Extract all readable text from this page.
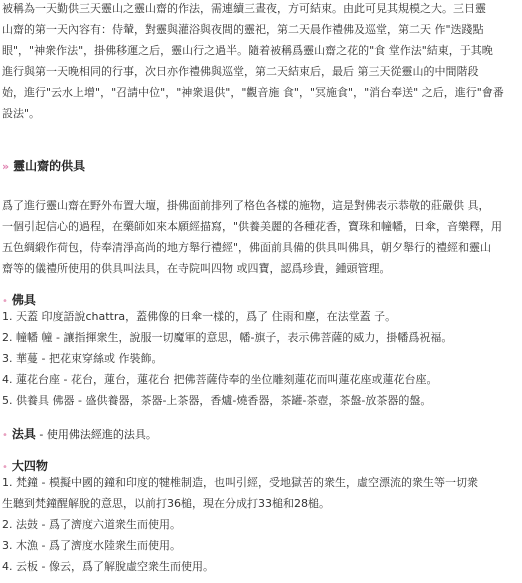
被稱為一天勤供三天靈山之靈山齋的作法，需連續三晝夜，方可結束。由此可見其規模之大。三日靈
山齋的第一天內容有：侍輦，對靈與灌浴與夜間的靈祀，第二天晨作禮佛及巡堂，第二天 作"迭踐點
眼"，"神衆作法"，掛佛移運之后，靈山行之過半。隨着被稱爲靈山齋之花的"食 堂作法"結東，于其晚
進行與第一天晚相同的行事，次日亦作禮佛與巡堂，第二天結束后，最后 第三天從靈山的中間階段
始，進行"云水上增"，"召請中位"，"神衆退供"，"觀音施 食"，"冥施食"，"消台奉送" 之后，進行"會番
設法"。
» 靈山齋的供具
爲了進行靈山齋在野外布置大壇，掛佛面前排列了格色各樣的施物，這是對佛表示恭敬的莊嚴供 具，
一個引起信心的過程，在藥師如來本願經描寫，"供養美麗的各種花香，寶珠和幢幡，日傘，音樂釋，用
五色綢緞作荷包，侍奉清淨高尚的地方舉行禮經"，佛面前具備的供具叫佛具，朝夕舉行的禮經和靈山
齋等的儀禮所使用的供具叫法具，在寺院叫四物 或四寶，認爲珍貴，鍾頭管理。
• 佛具
1. 天蓋 印度語說chattra，蓋佛像的日傘一樣的，爲了 住雨和塵，在法堂蓋 子。
2. 幢幡 幢 - 讓指揮衆生，說服一切魔軍的意思，幡-旗子，表示佛菩薩的威力，掛幡爲祝福。
3. 華蔓 - 把花束穿絲或 作裝飾。
4. 蓮花台座 - 花台，蓮台，蓮花台 把佛菩薩侍奉的坐位雕刻蓮花而叫蓮花座或蓮花台座。
5. 供養具 佛器 - 盛供養器，茶器-上茶器，香爐-燒香器，茶罐-茶壺，茶盤-放茶器的盤。
• 法具 - 使用佛法經進的法具。
• 大四物
1. 梵鐘 - 模擬中國的鐘和印度的犍椎制造，也叫引經，受地獄苦的衆生，虛空漂流的衆生等一切衆
生聽到梵鐘醒解脫的意思，以前打36槌，現在分成打33槌和28槌。
2. 法鼓 - 爲了濟度六道衆生而使用。
3. 木漁 - 爲了濟度水陸衆生而使用。
4. 云板 - 像云，爲了解脫虛空衆生而使用。
